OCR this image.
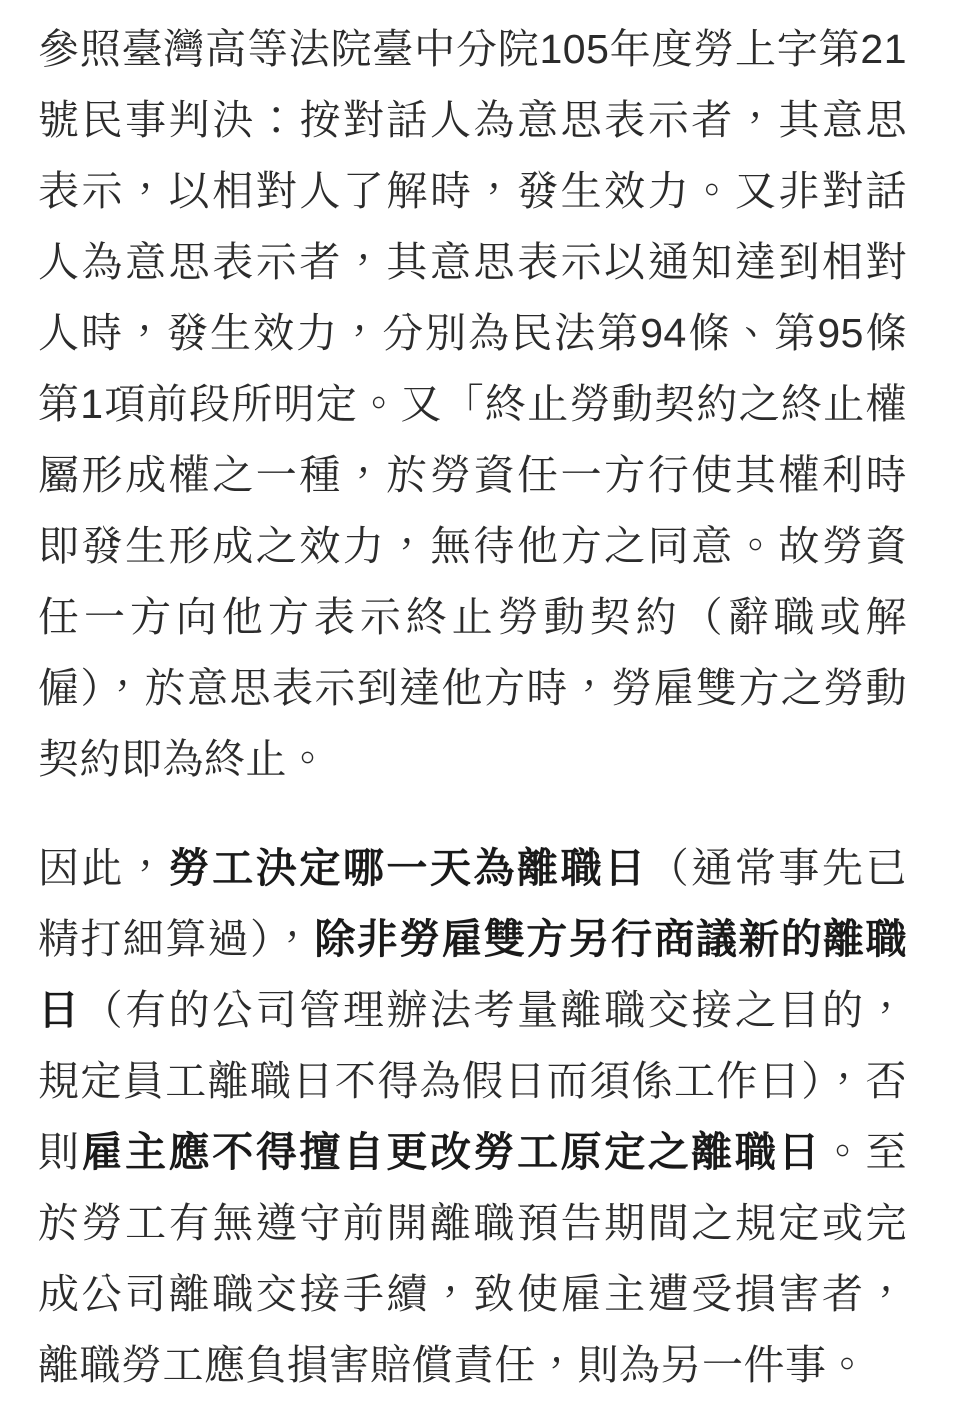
參照臺灣高等法院臺中分院105年度勞上字第21號民事判決：按對話人為意思表示者，其意思表示，以相對人了解時，發生效力。又非對話人為意思表示者，其意思表示以通知達到相對人時，發生效力，分別為民法第94條、第95條第1項前段所明定。又「終止勞動契約之終止權屬形成權之一種，於勞資任一方行使其權利時即發生形成之效力，無待他方之同意。故勞資任一方向他方表示終止勞動契約（辭職或解僱），於意思表示到達他方時，勞雇雙方之勞動契約即為終止。

因此，勞工決定哪一天為離職日（通常事先已精打細算過），除非勞雇雙方另行商議新的離職日（有的公司管理辦法考量離職交接之目的，規定員工離職日不得為假日而須係工作日），否則雇主應不得擅自更改勞工原定之離職日。至於勞工有無遵守前開離職預告期間之規定或完成公司離職交接手續，致使雇主遭受損害者，離職勞工應負損害賠償責任，則為另一件事。
